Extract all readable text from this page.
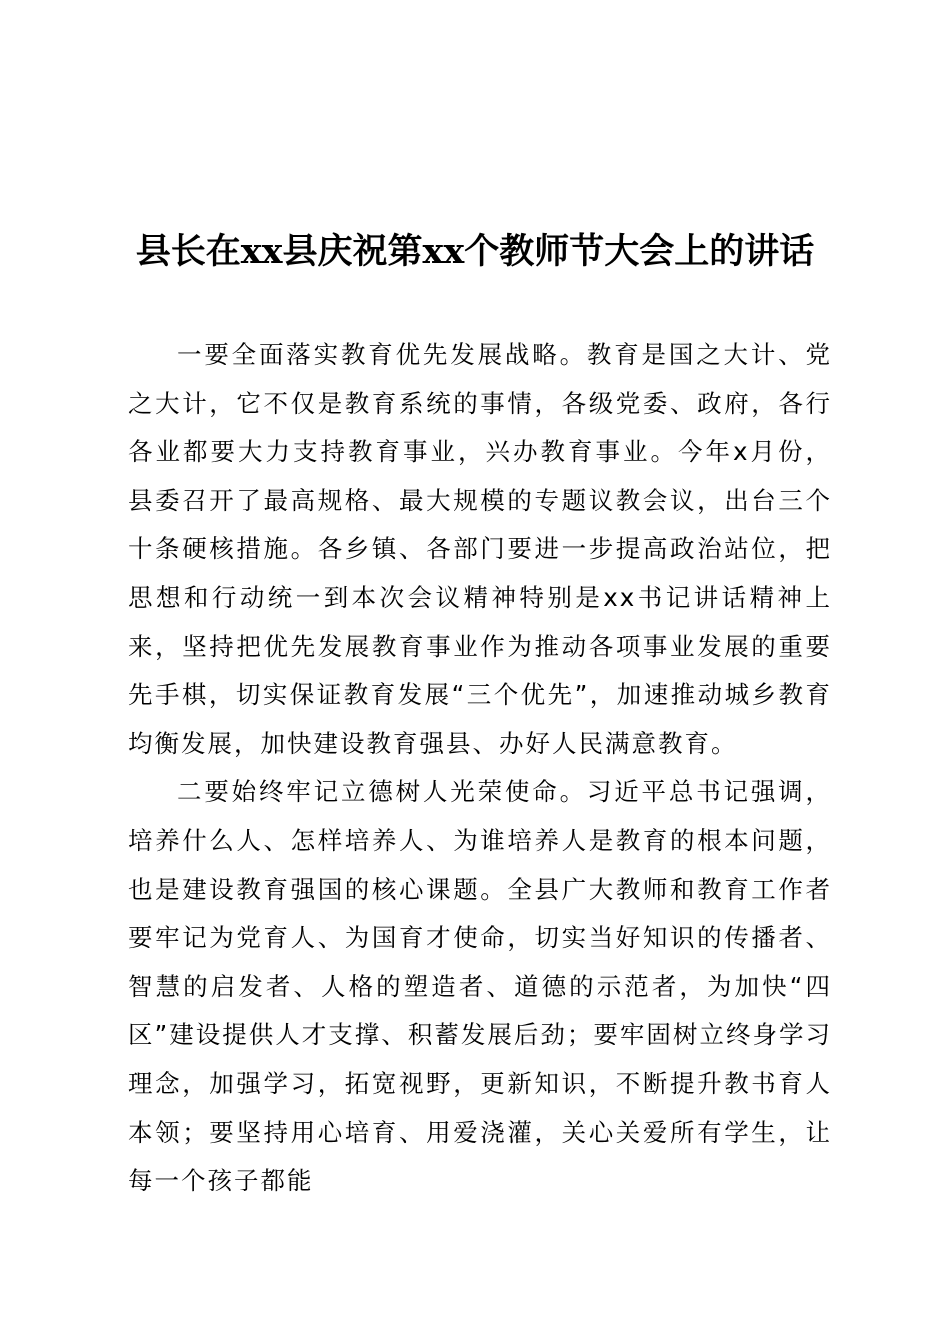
县长在xx县庆祝第xx个教师节大会上的讲话

一要全面落实教育优先发展战略。教育是国之大计、党之大计，它不仅是教育系统的事情，各级党委、政府，各行各业都要大力支持教育事业，兴办教育事业。今年x月份，县委召开了最高规格、最大规模的专题议教会议，出台三个十条硬核措施。各乡镇、各部门要进一步提高政治站位，把思想和行动统一到本次会议精神特别是xx书记讲话精神上来，坚持把优先发展教育事业作为推动各项事业发展的重要先手棋，切实保证教育发展“三个优先”，加速推动城乡教育均衡发展，加快建设教育强县、办好人民满意教育。

二要始终牢记立德树人光荣使命。习近平总书记强调，培养什么人、怎样培养人、为谁培养人是教育的根本问题，也是建设教育强国的核心课题。全县广大教师和教育工作者要牢记为党育人、为国育才使命，切实当好知识的传播者、智慧的启发者、人格的塑造者、道德的示范者，为加快“四区”建设提供人才支撑、积蓄发展后劲；要牢固树立终身学习理念，加强学习，拓宽视野，更新知识，不断提升教书育人本领；要坚持用心培育、用爱浇灌，关心关爱所有学生，让每一个孩子都能
